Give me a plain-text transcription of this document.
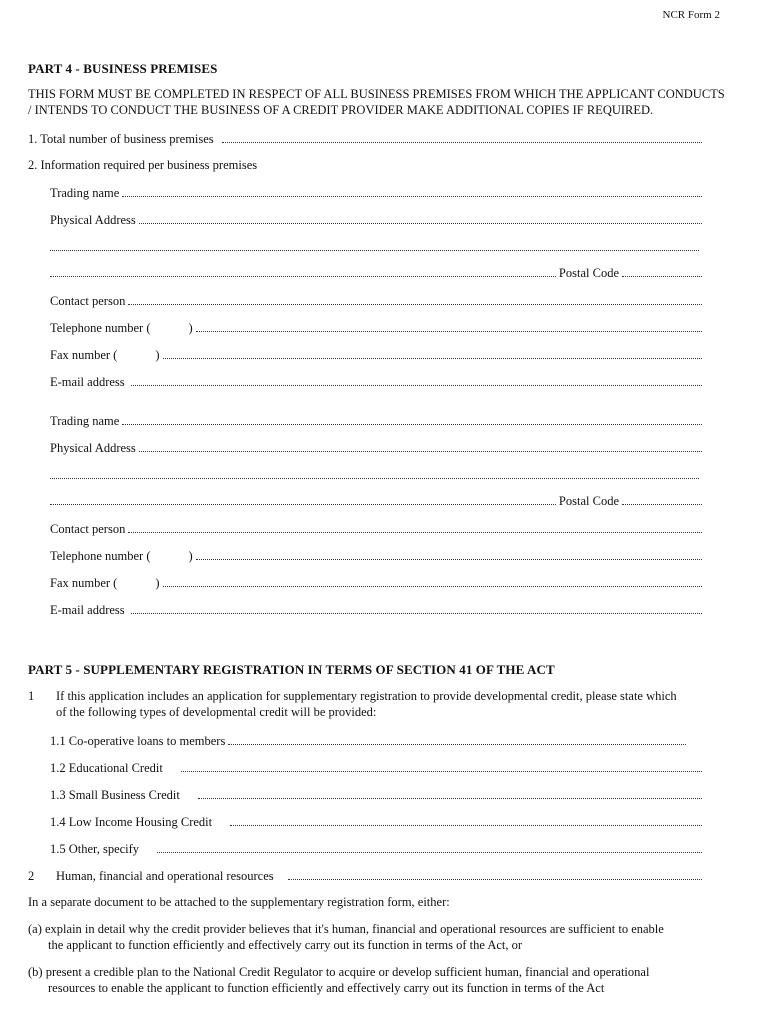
NCR Form 2
PART 4 - BUSINESS PREMISES
THIS FORM MUST BE COMPLETED IN RESPECT OF ALL BUSINESS PREMISES FROM WHICH THE APPLICANT CONDUCTS
/ INTENDS TO CONDUCT THE BUSINESS OF A CREDIT PROVIDER MAKE ADDITIONAL COPIES IF REQUIRED.
1. Total number of business premises
2. Information required per business premises
Trading name
Physical Address
Postal Code
Contact person
Telephone number (	)
Fax number (	)
E-mail address
Trading name
Physical Address
Postal Code
Contact person
Telephone number (	)
Fax number (	)
E-mail address
PART 5 - SUPPLEMENTARY REGISTRATION IN TERMS OF SECTION 41 OF THE ACT
1 If this application includes an application for supplementary registration to provide developmental credit, please state which
of the following types of developmental credit will be provided:
1.1 Co-operative loans to members
1.2 Educational Credit
1.3 Small Business Credit
1.4 Low Income Housing Credit
1.5 Other, specify
2 Human, financial and operational resources
In a separate document to be attached to the supplementary registration form, either:
(a) explain in detail why the credit provider believes that it's human, financial and operational resources are sufficient to enable
the applicant to function efficiently and effectively carry out its function in terms of the Act, or
(b) present a credible plan to the National Credit Regulator to acquire or develop sufficient human, financial and operational
resources to enable the applicant to function efficiently and effectively carry out its function in terms of the Act
